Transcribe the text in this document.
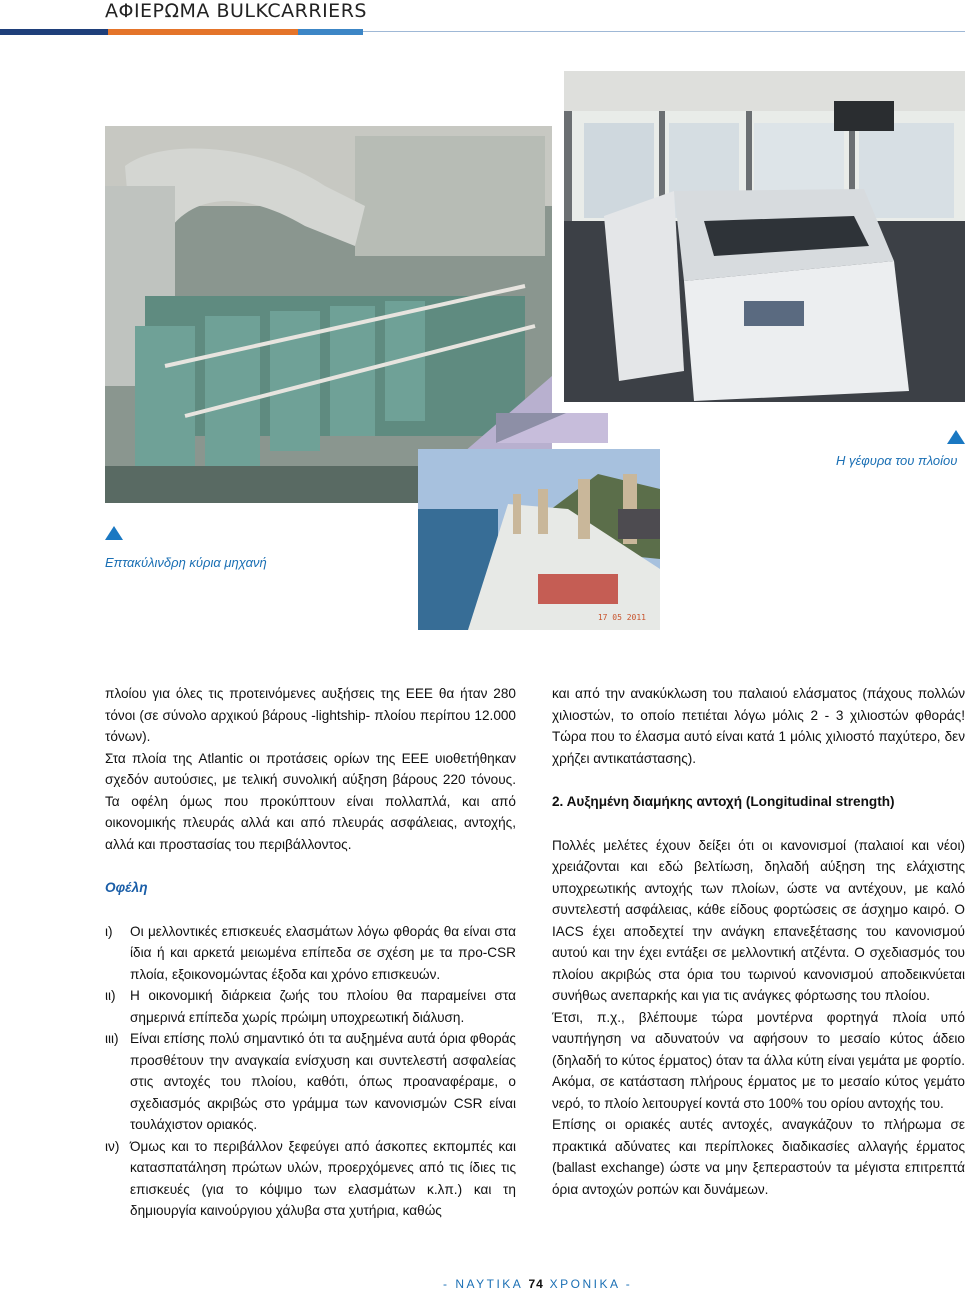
ΑΦΙΕΡΩΜΑ BULKCARRIERS
17 05 2011
Η γέφυρα του πλοίου
Επτακύλινδρη κύρια μηχανή

πλοίου για όλες τις προτεινόμενες αυξήσεις της ΕΕΕ θα ήταν 280 τόνοι (σε σύνολο αρχικού βάρους -lightship- πλοίου περίπου 12.000 τόνων).

Στα πλοία της Atlantic οι προτάσεις ορίων της ΕΕΕ υιοθετήθηκαν σχεδόν αυτούσιες, με τελική συνολική αύξηση βάρους 220 τόνους. Τα οφέλη όμως που προκύπτουν είναι πολλαπλά, και από οικονομικής πλευράς αλλά και από πλευράς ασφάλειας, αντοχής, αλλά και προστασίας του περιβάλλοντος.

Οφέλη

ι)	Οι μελλοντικές επισκευές ελασμάτων λόγω φθοράς θα είναι στα ίδια ή και αρκετά μειωμένα επίπεδα σε σχέση με τα προ-CSR πλοία, εξοικονομώντας έξοδα και χρόνο επισκευών.
ιι)	Η οικονομική διάρκεια ζωής του πλοίου θα παραμείνει στα σημερινά επίπεδα χωρίς πρώιμη υποχρεωτική διάλυση.
ιιι) Είναι επίσης πολύ σημαντικό ότι τα αυξημένα αυτά όρια φθοράς προσθέτουν την αναγκαία ενίσχυση και συντελεστή ασφαλείας στις αντοχές του πλοίου, καθότι, όπως προαναφέραμε, ο σχεδιασμός ακριβώς στο γράμμα των κανονισμών CSR είναι τουλάχιστον οριακός.
ιν) Όμως και το περιβάλλον ξεφεύγει από άσκοπες εκπομπές και κατασπατάληση πρώτων υλών, προερχόμενες από τις ίδιες τις επισκευές (για το κόψιμο των ελασμάτων κ.λπ.) και τη δημιουργία καινούργιου χάλυβα στα χυτήρια, καθώς

και από την ανακύκλωση του παλαιού ελάσματος (πάχους πολλών χιλιοστών, το οποίο πετιέται λόγω μόλις 2 - 3 χιλιοστών φθοράς! Τώρα που το έλασμα αυτό είναι κατά 1 μόλις χιλιοστό παχύτερο, δεν χρήζει αντικατάστασης).

2. Αυξημένη διαμήκης αντοχή (Longitudinal strength)

Πολλές μελέτες έχουν δείξει ότι οι κανονισμοί (παλαιοί και νέοι) χρειάζονται και εδώ βελτίωση, δηλαδή αύξηση της ελάχιστης υποχρεωτικής αντοχής των πλοίων, ώστε να αντέχουν, με καλό συντελεστή ασφάλειας, κάθε είδους φορτώσεις σε άσχημο καιρό. Ο IACS έχει αποδεχτεί την ανάγκη επανεξέτασης του κανονισμού αυτού και την έχει εντάξει σε μελλοντική ατζέντα. Ο σχεδιασμός του πλοίου ακριβώς στα όρια του τωρινού κανονισμού αποδεικνύεται συνήθως ανεπαρκής και για τις ανάγκες φόρτωσης του πλοίου.

Έτσι, π.χ., βλέπουμε τώρα μοντέρνα φορτηγά πλοία υπό ναυπήγηση να αδυνατούν να αφήσουν το μεσαίο κύτος άδειο (δηλαδή το κύτος έρματος) όταν τα άλλα κύτη είναι γεμάτα με φορτίο. Ακόμα, σε κατάσταση πλήρους έρματος με το μεσαίο κύτος γεμάτο νερό, το πλοίο λειτουργεί κοντά στο 100% του ορίου αντοχής του.

Επίσης οι οριακές αυτές αντοχές, αναγκάζουν το πλήρωμα σε πρακτικά αδύνατες και περίπλοκες διαδικασίες αλλαγής έρματος (ballast exchange) ώστε να μην ξεπεραστούν τα μέγιστα επιτρεπτά όρια αντοχών ροπών και δυνάμεων.

- ΝΑΥΤΙΚΑ 74 ΧΡΟΝΙΚΑ -
